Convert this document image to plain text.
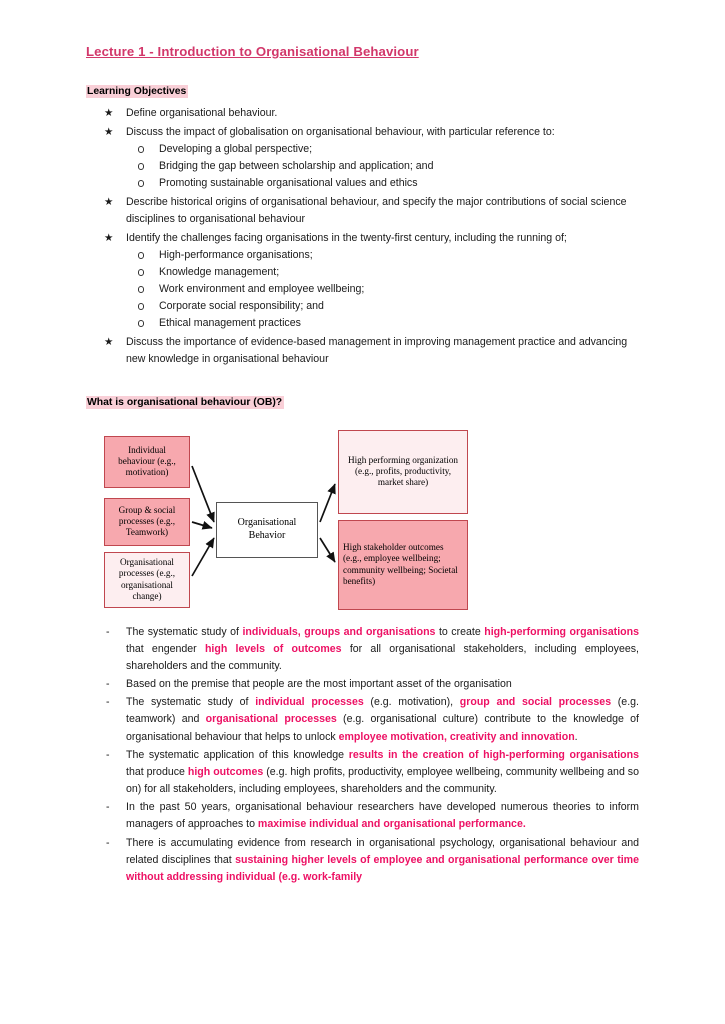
Lecture 1 - Introduction to Organisational Behaviour
Learning Objectives
★ Define organisational behaviour.
★ Discuss the impact of globalisation on organisational behaviour, with particular reference to:
Developing a global perspective;
Bridging the gap between scholarship and application; and
Promoting sustainable organisational values and ethics
★ Describe historical origins of organisational behaviour, and specify the major contributions of social science disciplines to organisational behaviour
★ Identify the challenges facing organisations in the twenty-first century, including the running of;
High-performance organisations;
Knowledge management;
Work environment and employee wellbeing;
Corporate social responsibility; and
Ethical management practices
★ Discuss the importance of evidence-based management in improving management practice and advancing new knowledge in organisational behaviour
What is organisational behaviour (OB)?
Individual behaviour (e.g., motivation)
Group & social processes (e.g., Teamwork)
Organisational processes (e.g., organisational change)
Organisational Behavior
High performing organization (e.g., profits, productivity, market share)
High stakeholder outcomes (e.g., employee wellbeing; community wellbeing; Societal benefits)
- The systematic study of individuals, groups and organisations to create high-performing organisations that engender high levels of outcomes for all organisational stakeholders, including employees, shareholders and the community.
- Based on the premise that people are the most important asset of the organisation
- The systematic study of individual processes (e.g. motivation), group and social processes (e.g. teamwork) and organisational processes (e.g. organisational culture) contribute to the knowledge of organisational behaviour that helps to unlock employee motivation, creativity and innovation.
- The systematic application of this knowledge results in the creation of high-performing organisations that produce high outcomes (e.g. high profits, productivity, employee wellbeing, community wellbeing and so on) for all stakeholders, including employees, shareholders and the community.
- In the past 50 years, organisational behaviour researchers have developed numerous theories to inform managers of approaches to maximise individual and organisational performance.
- There is accumulating evidence from research in organisational psychology, organisational behaviour and related disciplines that sustaining higher levels of employee and organisational performance over time without addressing individual (e.g. work-family
